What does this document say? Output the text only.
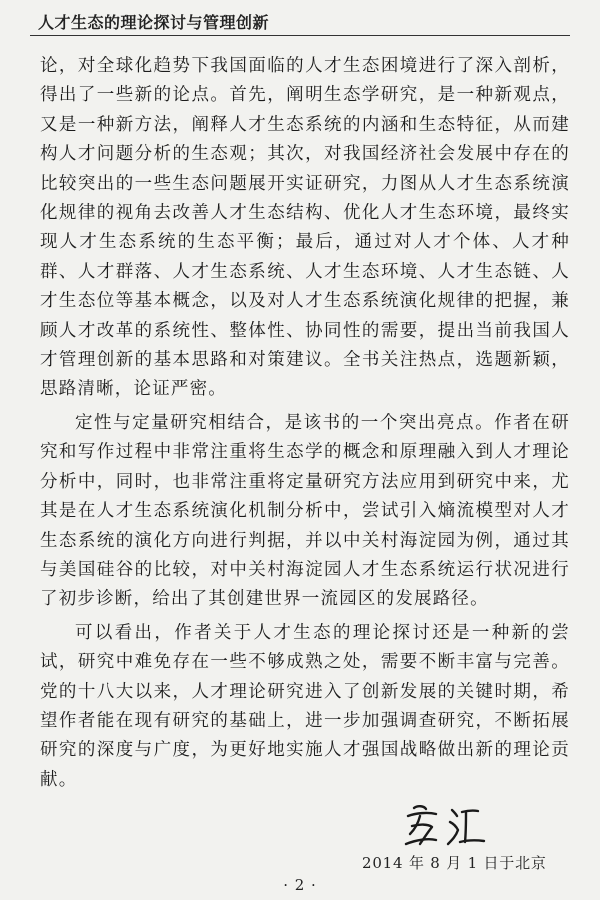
人才生态的理论探讨与管理创新

论，对全球化趋势下我国面临的人才生态困境进行了深入剖析，得出了一些新的论点。首先，阐明生态学研究，是一种新观点，又是一种新方法，阐释人才生态系统的内涵和生态特征，从而建构人才问题分析的生态观；其次，对我国经济社会发展中存在的比较突出的一些生态问题展开实证研究，力图从人才生态系统演化规律的视角去改善人才生态结构、优化人才生态环境，最终实现人才生态系统的生态平衡；最后，通过对人才个体、人才种群、人才群落、人才生态系统、人才生态环境、人才生态链、人才生态位等基本概念，以及对人才生态系统演化规律的把握，兼顾人才改革的系统性、整体性、协同性的需要，提出当前我国人才管理创新的基本思路和对策建议。全书关注热点，选题新颖，思路清晰，论证严密。

定性与定量研究相结合，是该书的一个突出亮点。作者在研究和写作过程中非常注重将生态学的概念和原理融入到人才理论分析中，同时，也非常注重将定量研究方法应用到研究中来，尤其是在人才生态系统演化机制分析中，尝试引入熵流模型对人才生态系统的演化方向进行判据，并以中关村海淀园为例，通过其与美国硅谷的比较，对中关村海淀园人才生态系统运行状况进行了初步诊断，给出了其创建世界一流园区的发展路径。

可以看出，作者关于人才生态的理论探讨还是一种新的尝试，研究中难免存在一些不够成熟之处，需要不断丰富与完善。党的十八大以来，人才理论研究进入了创新发展的关键时期，希望作者能在现有研究的基础上，进一步加强调查研究，不断拓展研究的深度与广度，为更好地实施人才强国战略做出新的理论贡献。

2014 年 8 月 1 日于北京
· 2 ·
